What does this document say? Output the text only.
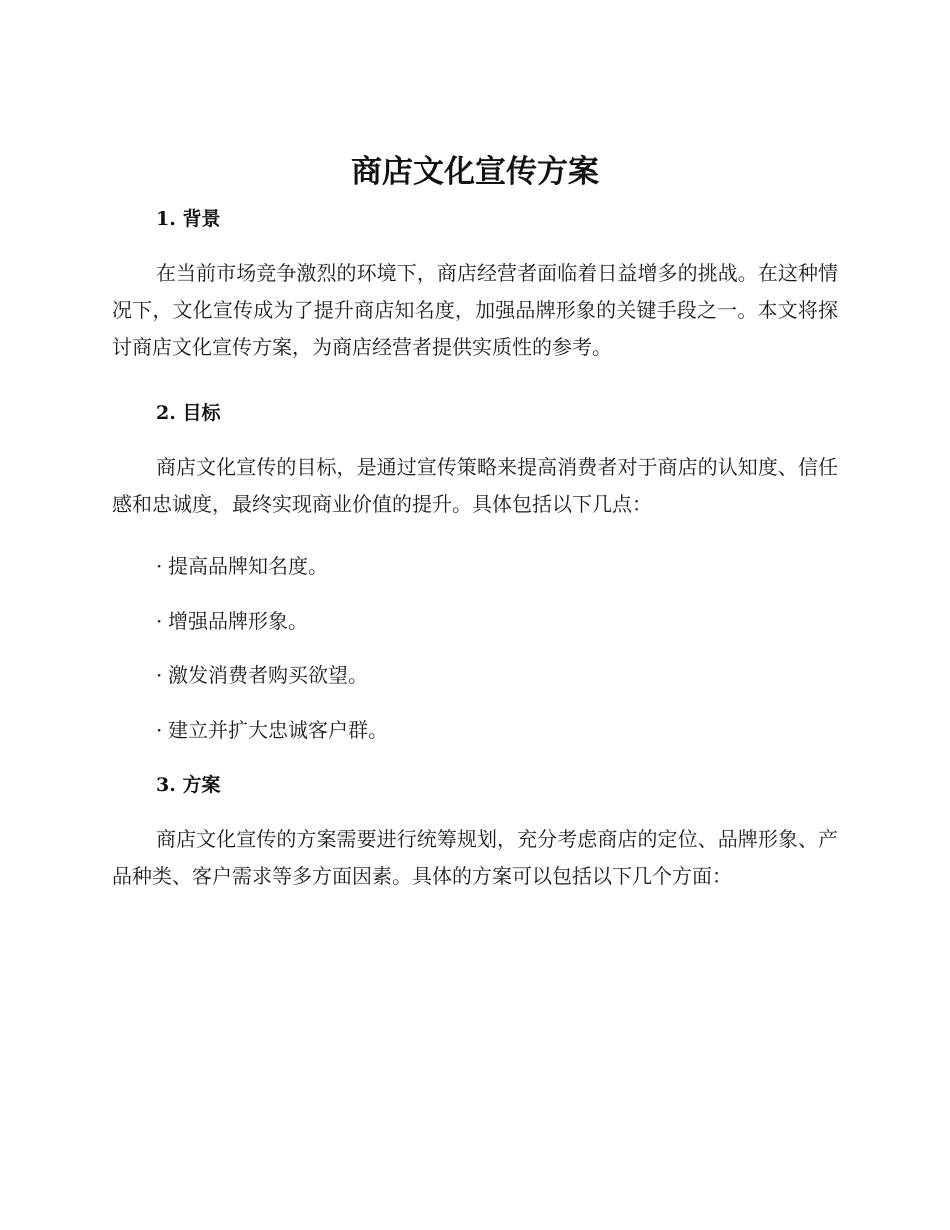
商店文化宣传方案
1. 背景

在当前市场竞争激烈的环境下，商店经营者面临着日益增多的挑战。在这种情况下，文化宣传成为了提升商店知名度，加强品牌形象的关键手段之一。本文将探讨商店文化宣传方案，为商店经营者提供实质性的参考。

2. 目标

商店文化宣传的目标，是通过宣传策略来提高消费者对于商店的认知度、信任感和忠诚度，最终实现商业价值的提升。具体包括以下几点：

· 提高品牌知名度。

· 增强品牌形象。

· 激发消费者购买欲望。

· 建立并扩大忠诚客户群。

3. 方案

商店文化宣传的方案需要进行统筹规划，充分考虑商店的定位、品牌形象、产品种类、客户需求等多方面因素。具体的方案可以包括以下几个方面：
